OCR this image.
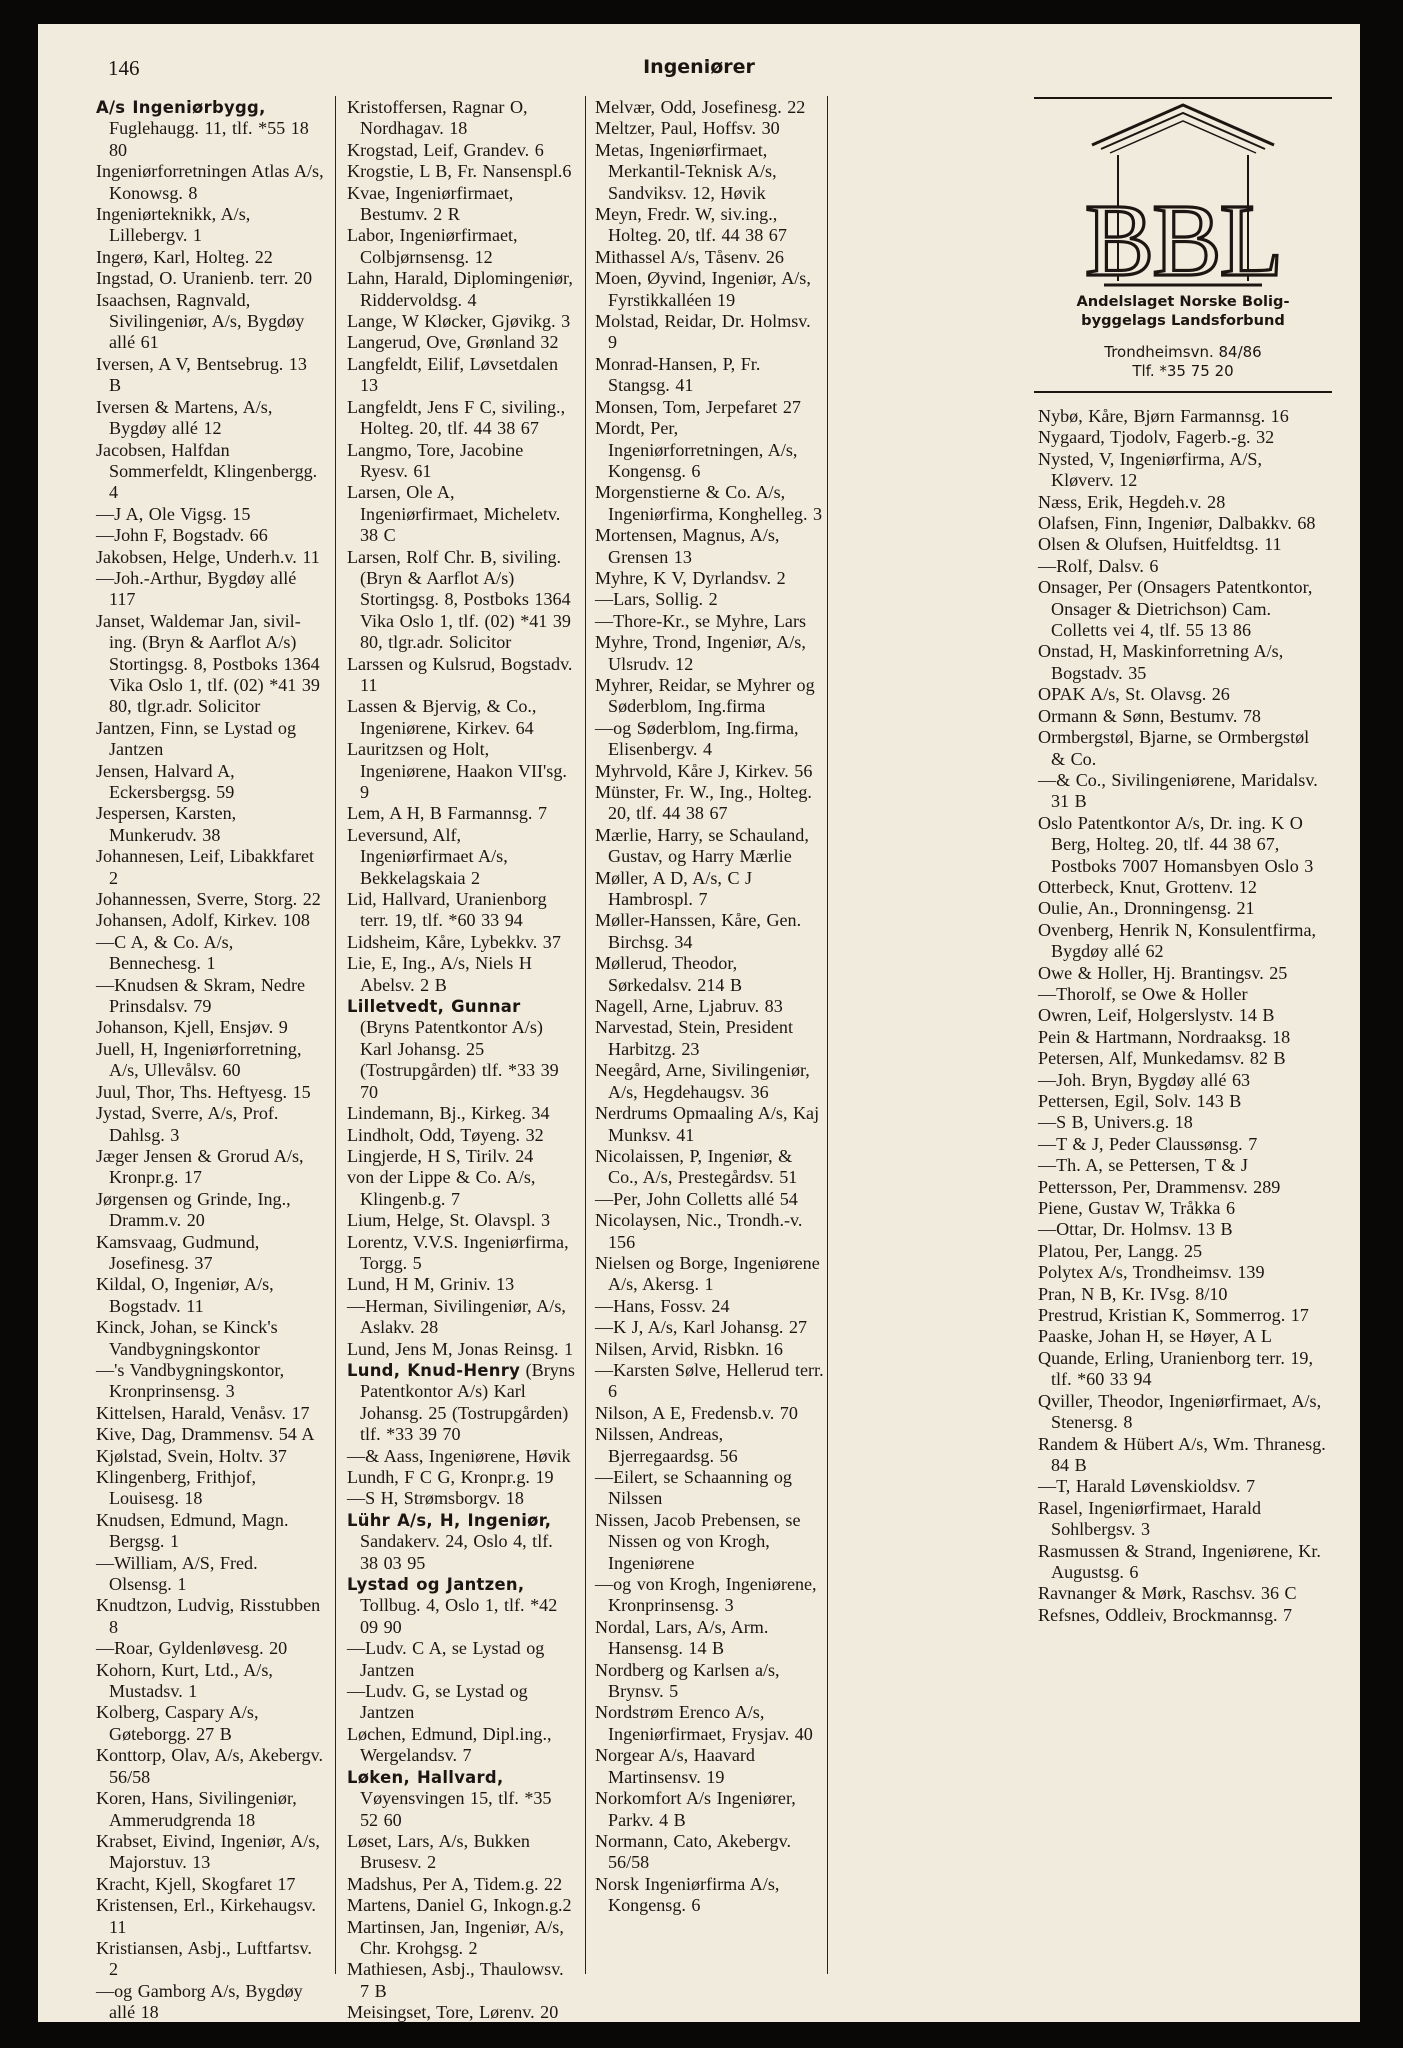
146	Ingeniører
A/s Ingeniørbygg, Fuglehaugg. 11, tlf. *55 18 80
Ingeniørforretningen Atlas A/s, Konowsg. 8
Ingeniørteknikk, A/s, Lillebergv. 1
Ingerø, Karl, Holteg. 22
Ingstad, O. Uranienb. terr. 20
Isaachsen, Ragnvald, Sivilingeniør, A/s, Bygdøy allé 61
Iversen, A V, Bentsebrug. 13 B
Iversen & Martens, A/s, Bygdøy allé 12
Jacobsen, Halfdan Sommerfeldt, Klingenbergg. 4
—J A, Ole Vigsg. 15
—John F, Bogstadv. 66
Jakobsen, Helge, Underh.v. 11
—Joh.-Arthur, Bygdøy allé 117
Janset, Waldemar Jan, sivil-ing. (Bryn & Aarflot A/s) Stortingsg. 8, Postboks 1364 Vika Oslo 1, tlf. (02) *41 39 80, tlgr.adr. Solicitor
Jantzen, Finn, se Lystad og Jantzen
Jensen, Halvard A, Eckersbergsg. 59
Jespersen, Karsten, Munkerudv. 38
Johannesen, Leif, Libakkfaret 2
Johannessen, Sverre, Storg. 22
Johansen, Adolf, Kirkev. 108
—C A, & Co. A/s, Bennechesg. 1
—Knudsen & Skram, Nedre Prinsdalsv. 79
Johanson, Kjell, Ensjøv. 9
Juell, H, Ingeniørforretning, A/s, Ullevålsv. 60
Juul, Thor, Ths. Heftyesg. 15
Jystad, Sverre, A/s, Prof. Dahlsg. 3
Jæger Jensen & Grorud A/s, Kronpr.g. 17
Jørgensen og Grinde, Ing., Dramm.v. 20
Kamsvaag, Gudmund, Josefinesg. 37
Kildal, O, Ingeniør, A/s, Bogstadv. 11
Kinck, Johan, se Kinck's Vandbygningskontor
—'s Vandbygningskontor, Kronprinsensg. 3
Kittelsen, Harald, Venåsv. 17
Kive, Dag, Drammensv. 54 A
Kjølstad, Svein, Holtv. 37
Klingenberg, Frithjof, Louisesg. 18
Knudsen, Edmund, Magn. Bergsg. 1
—William, A/S, Fred. Olsensg. 1
Knudtzon, Ludvig, Risstubben 8
—Roar, Gyldenløvesg. 20
Kohorn, Kurt, Ltd., A/s, Mustadsv. 1
Kolberg, Caspary A/s, Gøteborgg. 27 B
Konttorp, Olav, A/s, Akebergv. 56/58
Koren, Hans, Sivilingeniør, Ammerudgrenda 18
Krabset, Eivind, Ingeniør, A/s, Majorstuv. 13
Kracht, Kjell, Skogfaret 17
Kristensen, Erl., Kirkehaugsv. 11
Kristiansen, Asbj., Luftfartsv. 2
—og Gamborg A/s, Bygdøy allé 18
Kristoffersen, Ragnar O, Nordhagav. 18
Krogstad, Leif, Grandev. 6
Krogstie, L B, Fr. Nansenspl.6
Kvae, Ingeniørfirmaet, Bestumv. 2 R
Labor, Ingeniørfirmaet, Colbjørnsensg. 12
Lahn, Harald, Diplomingeniør, Riddervoldsg. 4
Lange, W Kløcker, Gjøvikg. 3
Langerud, Ove, Grønland 32
Langfeldt, Eilif, Løvsetdalen 13
Langfeldt, Jens F C, siviling., Holteg. 20, tlf. 44 38 67
Langmo, Tore, Jacobine Ryesv. 61
Larsen, Ole A, Ingeniørfirmaet, Micheletv. 38 C
Larsen, Rolf Chr. B, siviling. (Bryn & Aarflot A/s) Stortingsg. 8, Postboks 1364 Vika Oslo 1, tlf. (02) *41 39 80, tlgr.adr. Solicitor
Larssen og Kulsrud, Bogstadv. 11
Lassen & Bjervig, & Co., Ingeniørene, Kirkev. 64
Lauritzsen og Holt, Ingeniørene, Haakon VII'sg. 9
Lem, A H, B Farmannsg. 7
Leversund, Alf, Ingeniørfirmaet A/s, Bekkelagskaia 2
Lid, Hallvard, Uranienborg terr. 19, tlf. *60 33 94
Lidsheim, Kåre, Lybekkv. 37
Lie, E, Ing., A/s, Niels H Abelsv. 2 B
Lilletvedt, Gunnar (Bryns Patentkontor A/s) Karl Johansg. 25 (Tostrupgården) tlf. *33 39 70
Lindemann, Bj., Kirkeg. 34
Lindholt, Odd, Tøyeng. 32
Lingjerde, H S, Tirilv. 24
von der Lippe & Co. A/s, Klingenb.g. 7
Lium, Helge, St. Olavspl. 3
Lorentz, V.V.S. Ingeniørfirma, Torgg. 5
Lund, H M, Griniv. 13
—Herman, Sivilingeniør, A/s, Aslakv. 28
Lund, Jens M, Jonas Reinsg. 1
Lund, Knud-Henry (Bryns Patentkontor A/s) Karl Johansg. 25 (Tostrupgården) tlf. *33 39 70
—& Aass, Ingeniørene, Høvik
Lundh, F C G, Kronpr.g. 19
—S H, Strømsborgv. 18
Lühr A/s, H, Ingeniør, Sandakerv. 24, Oslo 4, tlf. 38 03 95
Lystad og Jantzen, Tollbug. 4, Oslo 1, tlf. *42 09 90
—Ludv. C A, se Lystad og Jantzen
—Ludv. G, se Lystad og Jantzen
Løchen, Edmund, Dipl.ing., Wergelandsv. 7
Løken, Hallvard, Vøyensvingen 15, tlf. *35 52 60
Løset, Lars, A/s, Bukken Brusesv. 2
Madshus, Per A, Tidem.g. 22
Martens, Daniel G, Inkogn.g.2
Martinsen, Jan, Ingeniør, A/s, Chr. Krohgsg. 2
Mathiesen, Asbj., Thaulowsv. 7 B
Meisingset, Tore, Lørenv. 20
Melvær, Odd, Josefinesg. 22
Meltzer, Paul, Hoffsv. 30
Metas, Ingeniørfirmaet, Merkantil-Teknisk A/s, Sandviksv. 12, Høvik
Meyn, Fredr. W, siv.ing., Holteg. 20, tlf. 44 38 67
Mithassel A/s, Tåsenv. 26
Moen, Øyvind, Ingeniør, A/s, Fyrstikkalléen 19
Molstad, Reidar, Dr. Holmsv. 9
Monrad-Hansen, P, Fr. Stangsg. 41
Monsen, Tom, Jerpefaret 27
Mordt, Per, Ingeniørforretningen, A/s, Kongensg. 6
Morgenstierne & Co. A/s, Ingeniørfirma, Konghelleg. 3
Mortensen, Magnus, A/s, Grensen 13
Myhre, K V, Dyrlandsv. 2
—Lars, Sollig. 2
—Thore-Kr., se Myhre, Lars
Myhre, Trond, Ingeniør, A/s, Ulsrudv. 12
Myhrer, Reidar, se Myhrer og Søderblom, Ing.firma
—og Søderblom, Ing.firma, Elisenbergv. 4
Myhrvold, Kåre J, Kirkev. 56
Münster, Fr. W., Ing., Holteg. 20, tlf. 44 38 67
Mærlie, Harry, se Schauland, Gustav, og Harry Mærlie
Møller, A D, A/s, C J Hambrospl. 7
Møller-Hanssen, Kåre, Gen. Birchsg. 34
Møllerud, Theodor, Sørkedalsv. 214 B
Nagell, Arne, Ljabruv. 83
Narvestad, Stein, President Harbitzg. 23
Neegård, Arne, Sivilingeniør, A/s, Hegdehaugsv. 36
Nerdrums Opmaaling A/s, Kaj Munksv. 41
Nicolaissen, P, Ingeniør, & Co., A/s, Prestegårdsv. 51
—Per, John Colletts allé 54
Nicolaysen, Nic., Trondh.-v. 156
Nielsen og Borge, Ingeniørene A/s, Akersg. 1
—Hans, Fossv. 24
—K J, A/s, Karl Johansg. 27
Nilsen, Arvid, Risbkn. 16
—Karsten Sølve, Hellerud terr. 6
Nilson, A E, Fredensb.v. 70
Nilssen, Andreas, Bjerregaardsg. 56
—Eilert, se Schaanning og Nilssen
Nissen, Jacob Prebensen, se Nissen og von Krogh, Ingeniørene
—og von Krogh, Ingeniørene, Kronprinsensg. 3
Nordal, Lars, A/s, Arm. Hansensg. 14 B
Nordberg og Karlsen a/s, Brynsv. 5
Nordstrøm Erenco A/s, Ingeniørfirmaet, Frysjav. 40
Norgear A/s, Haavard Martinsensv. 19
Norkomfort A/s Ingeniører, Parkv. 4 B
Normann, Cato, Akebergv. 56/58
Norsk Ingeniørfirma A/s, Kongensg. 6
BBL
Andelslaget Norske Bolig-
byggelags Landsforbund
Trondheimsvn. 84/86
Tlf. *35 75 20
Nybø, Kåre, Bjørn Farmannsg. 16
Nygaard, Tjodolv, Fagerb.-g. 32
Nysted, V, Ingeniørfirma, A/S, Kløverv. 12
Næss, Erik, Hegdeh.v. 28
Olafsen, Finn, Ingeniør, Dalbakkv. 68
Olsen & Olufsen, Huitfeldtsg. 11
—Rolf, Dalsv. 6
Onsager, Per (Onsagers Patentkontor, Onsager & Dietrichson) Cam. Colletts vei 4, tlf. 55 13 86
Onstad, H, Maskinforretning A/s, Bogstadv. 35
OPAK A/s, St. Olavsg. 26
Ormann & Sønn, Bestumv. 78
Ormbergstøl, Bjarne, se Ormbergstøl & Co.
—& Co., Sivilingeniørene, Maridalsv. 31 B
Oslo Patentkontor A/s, Dr. ing. K O Berg, Holteg. 20, tlf. 44 38 67, Postboks 7007 Homansbyen Oslo 3
Otterbeck, Knut, Grottenv. 12
Oulie, An., Dronningensg. 21
Ovenberg, Henrik N, Konsulentfirma, Bygdøy allé 62
Owe & Holler, Hj. Brantingsv. 25
—Thorolf, se Owe & Holler
Owren, Leif, Holgerslystv. 14 B
Pein & Hartmann, Nordraaksg. 18
Petersen, Alf, Munkedamsv. 82 B
—Joh. Bryn, Bygdøy allé 63
Pettersen, Egil, Solv. 143 B
—S B, Univers.g. 18
—T & J, Peder Claussønsg. 7
—Th. A, se Pettersen, T & J
Pettersson, Per, Drammensv. 289
Piene, Gustav W, Tråkka 6
—Ottar, Dr. Holmsv. 13 B
Platou, Per, Langg. 25
Polytex A/s, Trondheimsv. 139
Pran, N B, Kr. IVsg. 8/10
Prestrud, Kristian K, Sommerrog. 17
Paaske, Johan H, se Høyer, A L
Quande, Erling, Uranienborg terr. 19, tlf. *60 33 94
Qviller, Theodor, Ingeniørfirmaet, A/s, Stenersg. 8
Randem & Hübert A/s, Wm. Thranesg. 84 B
—T, Harald Løvenskioldsv. 7
Rasel, Ingeniørfirmaet, Harald Sohlbergsv. 3
Rasmussen & Strand, Ingeniørene, Kr. Augustsg. 6
Ravnanger & Mørk, Raschsv. 36 C
Refsnes, Oddleiv, Brockmannsg. 7
